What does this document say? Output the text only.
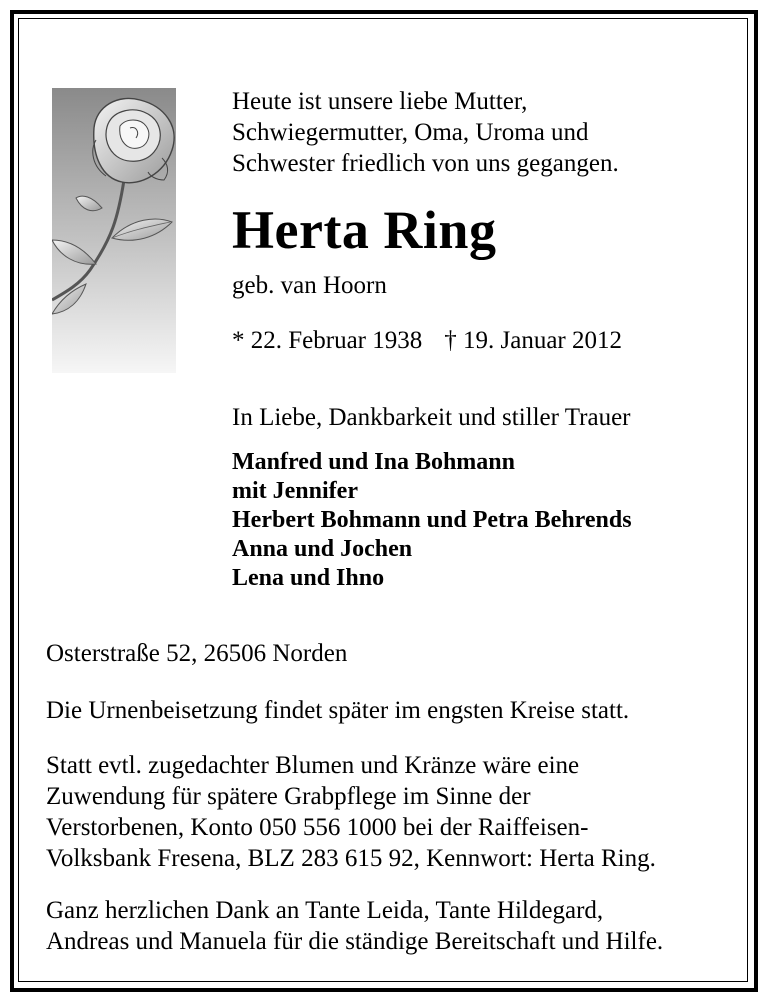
Heute ist unsere liebe Mutter,
Schwiegermutter, Oma, Uroma und
Schwester friedlich von uns gegangen.

Herta Ring

geb. van Hoorn

* 22. Februar 1938 † 19. Januar 2012

In Liebe, Dankbarkeit und stiller Trauer

Manfred und Ina Bohmann
mit Jennifer
Herbert Bohmann und Petra Behrends
Anna und Jochen
Lena und Ihno

Osterstraße 52, 26506 Norden

Die Urnenbeisetzung findet später im engsten Kreise statt.

Statt evtl. zugedachter Blumen und Kränze wäre eine
Zuwendung für spätere Grabpflege im Sinne der
Verstorbenen, Konto 050 556 1000 bei der Raiffeisen-
Volksbank Fresena, BLZ 283 615 92, Kennwort: Herta Ring.

Ganz herzlichen Dank an Tante Leida, Tante Hildegard,
Andreas und Manuela für die ständige Bereitschaft und Hilfe.
